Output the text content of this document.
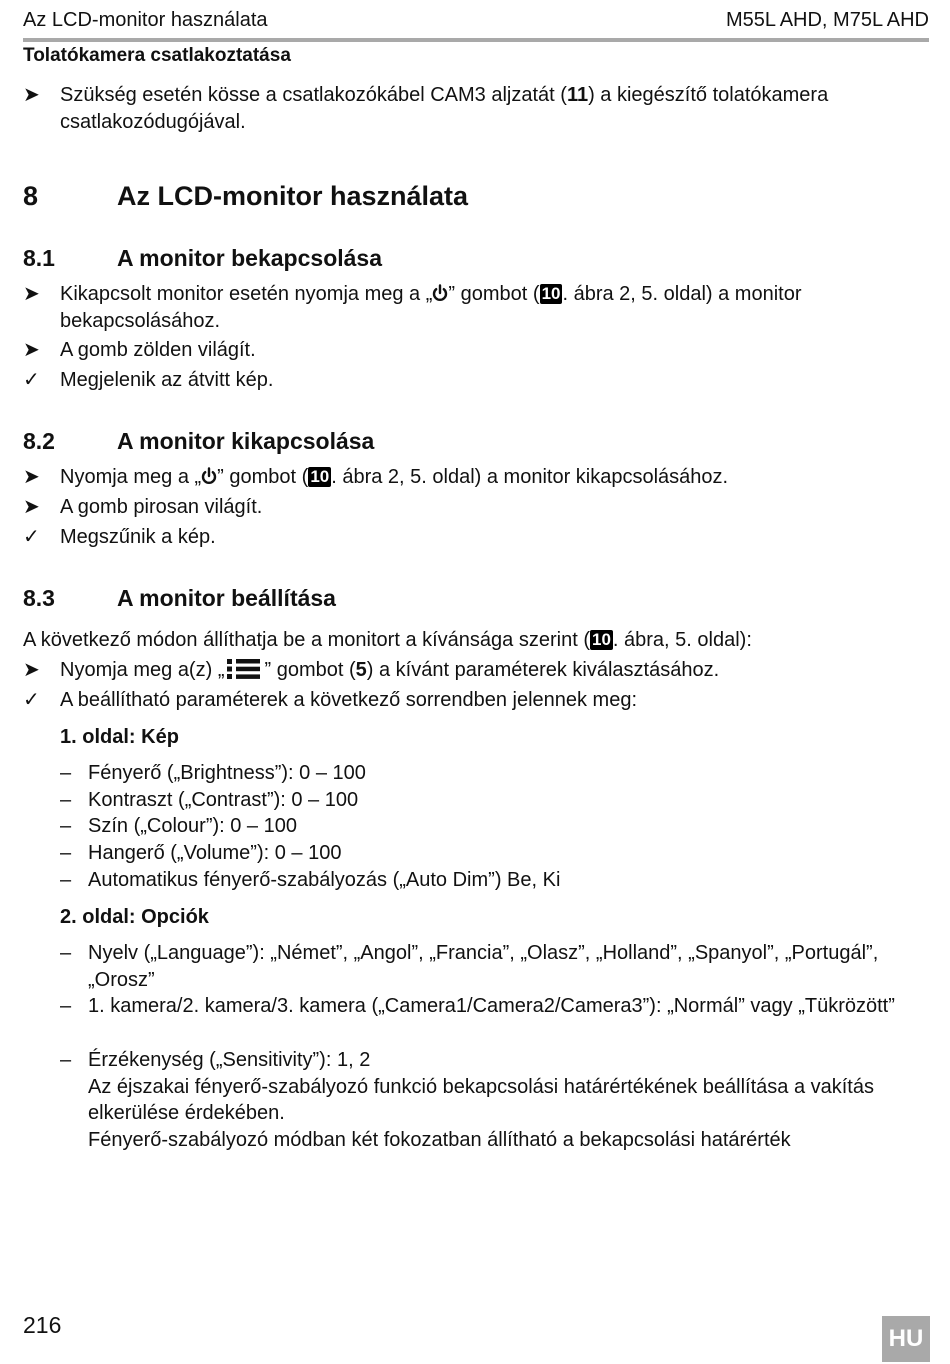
Az LCD-monitor használata	M55L AHD, M75L AHD
Tolatókamera csatlakoztatása
➤	Szükség esetén kösse a csatlakozókábel CAM3 aljzatát (11) a kiegészítő tolatókamera csatlakozódugójával.
8	Az LCD-monitor használata
8.1	A monitor bekapcsolása
➤	Kikapcsolt monitor esetén nyomja meg a „ ” gombot ( 10 . ábra 2, 5. oldal) a monitor bekapcsolásához.
➤	A gomb zölden világít.
✓	Megjelenik az átvitt kép.
8.2	A monitor kikapcsolása
➤	Nyomja meg a „ ” gombot ( 10 . ábra 2, 5. oldal) a monitor kikapcsolásához.
➤	A gomb pirosan világít.
✓	Megszűnik a kép.
8.3	A monitor beállítása
A következő módon állíthatja be a monitort a kívánsága szerint ( 10 . ábra, 5. oldal):
➤	Nyomja meg a(z) „ ” gombot (5) a kívánt paraméterek kiválasztásához.
✓	A beállítható paraméterek a következő sorrendben jelennek meg:
1. oldal: Kép
– Fényerő („Brightness”): 0 – 100
– Kontraszt („Contrast”): 0 – 100
– Szín („Colour”): 0 – 100
– Hangerő („Volume”): 0 – 100
– Automatikus fényerő-szabályozás („Auto Dim”) Be, Ki
2. oldal: Opciók
– Nyelv („Language”): „Német”, „Angol”, „Francia”, „Olasz”, „Holland”, „Spanyol”, „Portugál”, „Orosz”
– 1. kamera/2. kamera/3. kamera („Camera1/Camera2/Camera3”): „Normál” vagy „Tükrözött”
– Érzékenység („Sensitivity”): 1, 2
Az éjszakai fényerő-szabályozó funkció bekapcsolási határértékének beállítása a vakítás elkerülése érdekében.
Fényerő-szabályozó módban két fokozatban állítható a bekapcsolási határérték
216	HU
